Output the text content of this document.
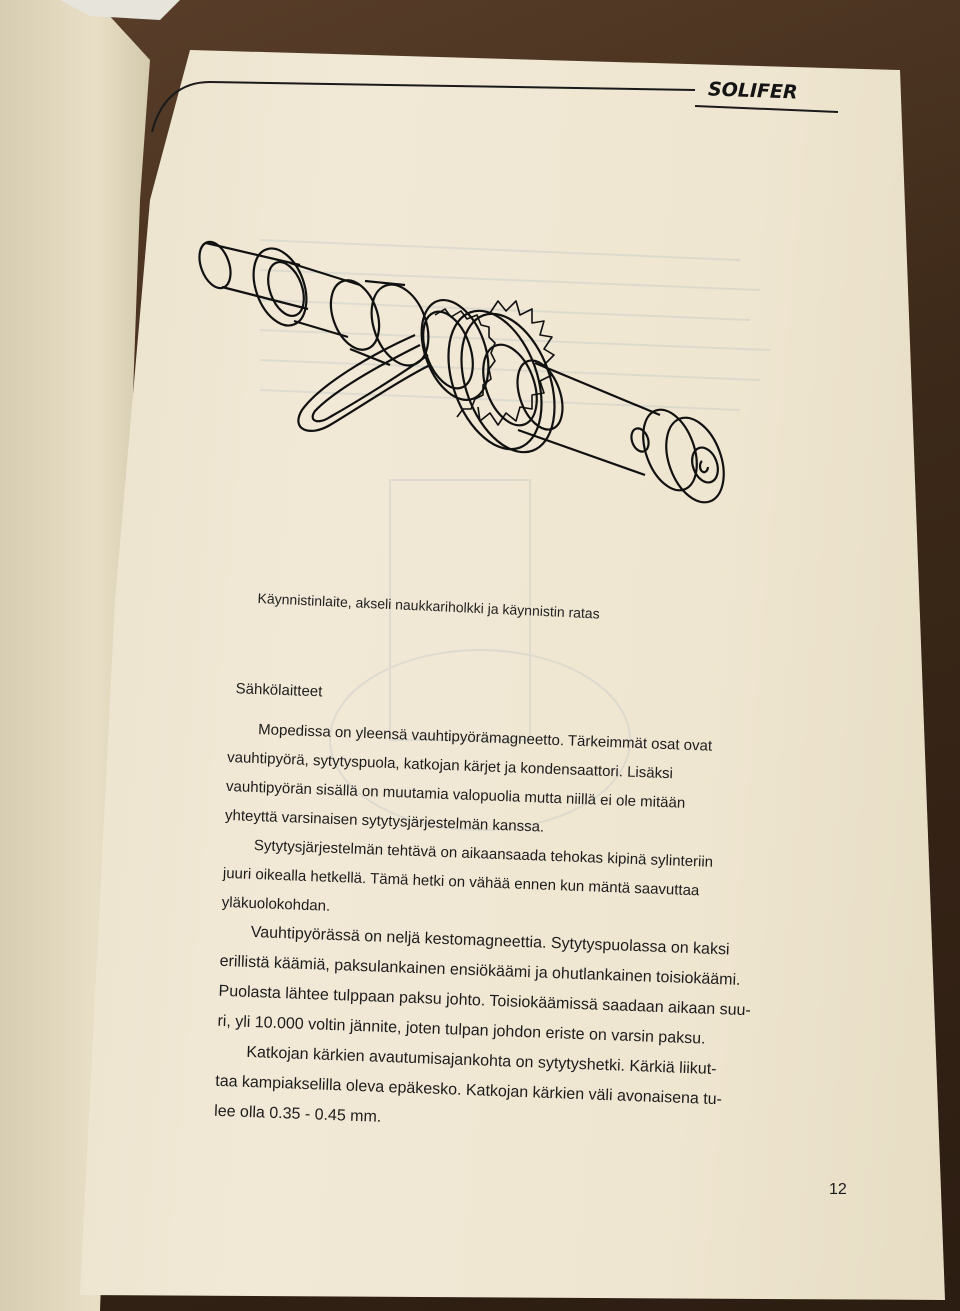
SOLIFER
Käynnistinlaite, akseli naukkariholkki ja käynnistin ratas
Sähkölaitteet

Mopedissa on yleensä vauhtipyörämagneetto. Tärkeimmät osat ovat
vauhtipyörä, sytytyspuola, katkojan kärjet ja kondensaattori. Lisäksi
vauhtipyörän sisällä on muutamia valopuolia mutta niillä ei ole mitään
yhteyttä varsinaisen sytytysjärjestelmän kanssa.

Sytytysjärjestelmän tehtävä on aikaansaada tehokas kipinä sylinteriin
juuri oikealla hetkellä. Tämä hetki on vähää ennen kun mäntä saavuttaa
yläkuolokohdan.

Vauhtipyörässä on neljä kestomagneettia. Sytytyspuolassa on kaksi
erillistä käämiä, paksulankainen ensiökäämi ja ohutlankainen toisiokäämi.
Puolasta lähtee tulppaan paksu johto. Toisiokäämissä saadaan aikaan suu-
ri, yli 10.000 voltin jännite, joten tulpan johdon eriste on varsin paksu.

Katkojan kärkien avautumisajankohta on sytytyshetki. Kärkiä liikut-
taa kampiakselilla oleva epäkesko. Katkojan kärkien väli avonaisena tu-
lee olla 0.35 - 0.45 mm.

12
